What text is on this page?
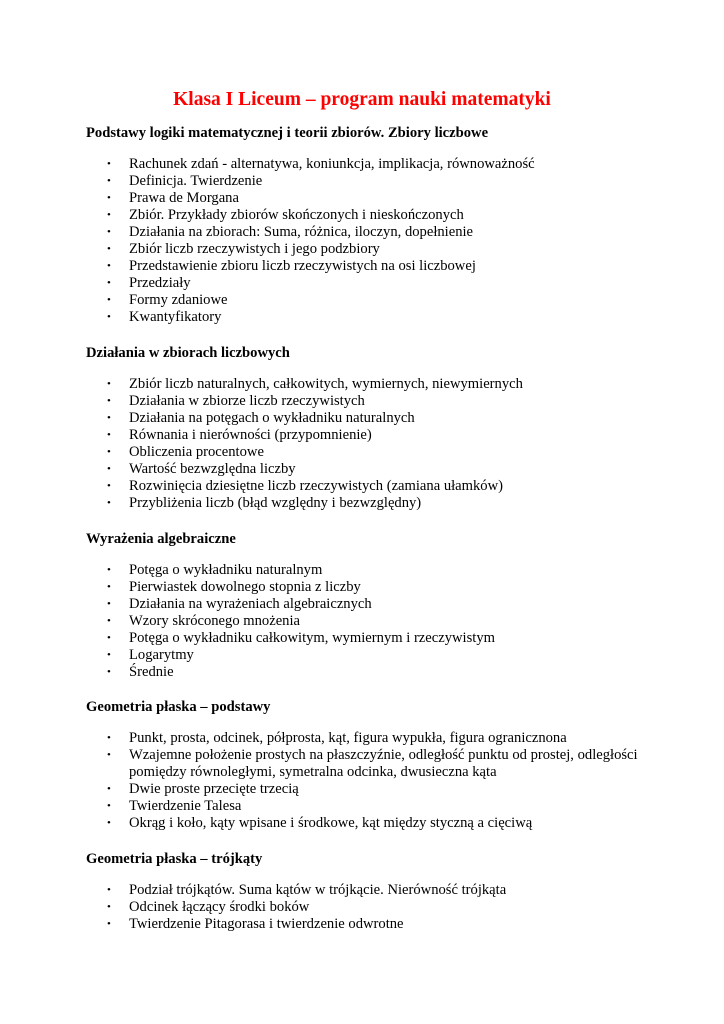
Klasa I Liceum – program nauki matematyki
Podstawy logiki matematycznej i teorii zbiorów. Zbiory liczbowe
• Rachunek zdań - alternatywa, koniunkcja, implikacja, równoważność
• Definicja. Twierdzenie
• Prawa de Morgana
• Zbiór. Przykłady zbiorów skończonych i nieskończonych
• Działania na zbiorach: Suma, różnica, iloczyn, dopełnienie
• Zbiór liczb rzeczywistych i jego podzbiory
• Przedstawienie zbioru liczb rzeczywistych na osi liczbowej
• Przedziały
• Formy zdaniowe
• Kwantyfikatory
Działania w zbiorach liczbowych
• Zbiór liczb naturalnych, całkowitych, wymiernych, niewymiernych
• Działania w zbiorze liczb rzeczywistych
• Działania na potęgach o wykładniku naturalnych
• Równania i nierówności (przypomnienie)
• Obliczenia procentowe
• Wartość bezwzględna liczby
• Rozwinięcia dziesiętne liczb rzeczywistych (zamiana ułamków)
• Przybliżenia liczb (błąd względny i bezwzględny)
Wyrażenia algebraiczne
• Potęga o wykładniku naturalnym
• Pierwiastek dowolnego stopnia z liczby
• Działania na wyrażeniach algebraicznych
• Wzory skróconego mnożenia
• Potęga o wykładniku całkowitym, wymiernym i rzeczywistym
• Logarytmy
• Średnie
Geometria płaska – podstawy
• Punkt, prosta, odcinek, półprosta, kąt, figura wypukła, figura ogranicznona
• Wzajemne położenie prostych na płaszczyźnie, odległość punktu od prostej, odległości pomiędzy równoległymi, symetralna odcinka, dwusieczna kąta
• Dwie proste przecięte trzecią
• Twierdzenie Talesa
• Okrąg i koło, kąty wpisane i środkowe, kąt między styczną a cięciwą
Geometria płaska – trójkąty
• Podział trójkątów. Suma kątów w trójkącie. Nierówność trójkąta
• Odcinek łączący środki boków
• Twierdzenie Pitagorasa i twierdzenie odwrotne
